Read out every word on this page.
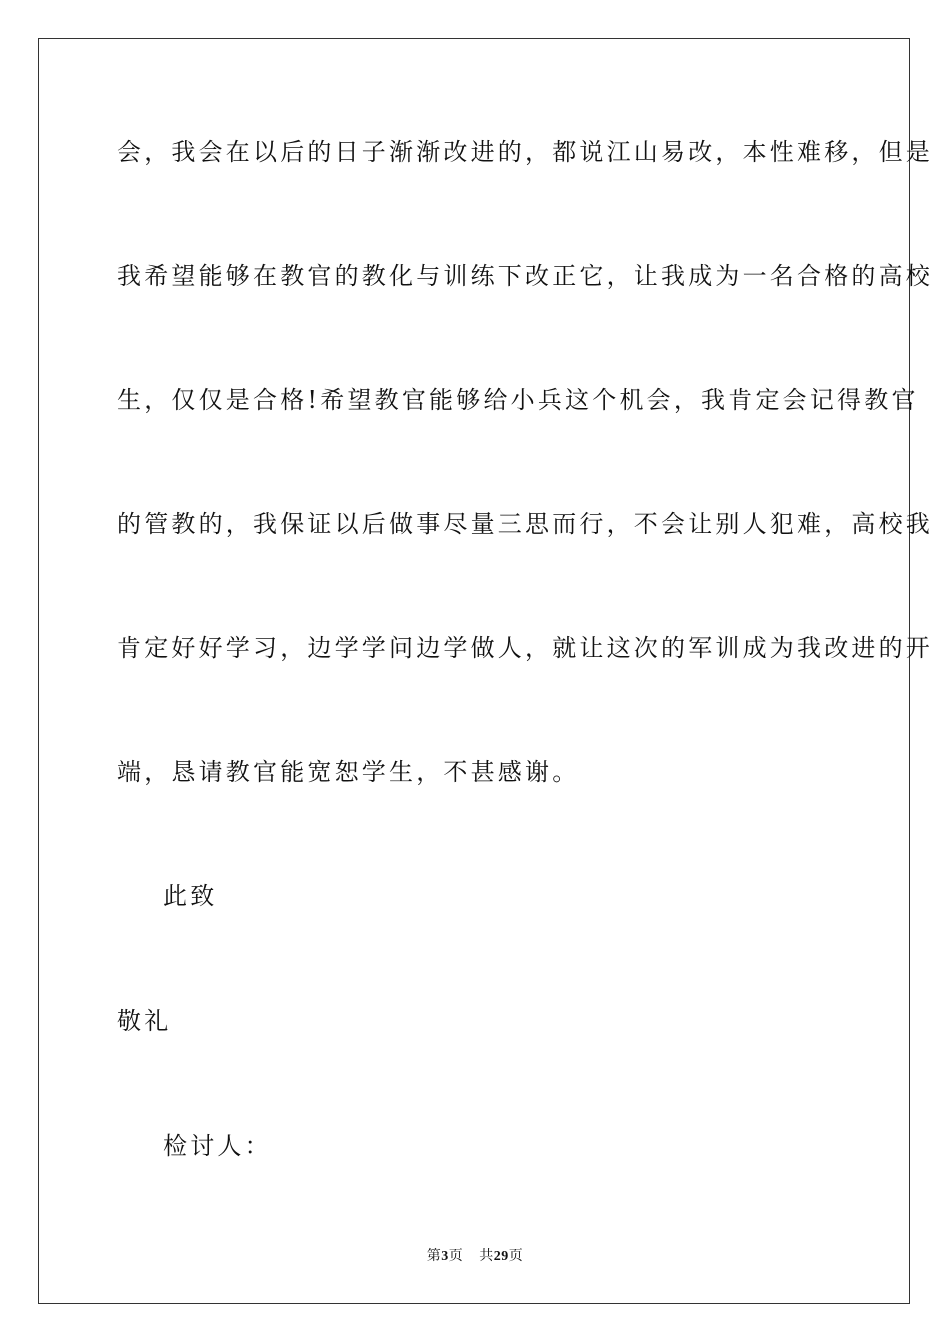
会，我会在以后的日子渐渐改进的，都说江山易改，本性难移，但是
我希望能够在教官的教化与训练下改正它，让我成为一名合格的高校
生，仅仅是合格!希望教官能够给小兵这个机会，我肯定会记得教官
的管教的，我保证以后做事尽量三思而行，不会让别人犯难，高校我
肯定好好学习，边学学问边学做人，就让这次的军训成为我改进的开
端，恳请教官能宽恕学生，不甚感谢。
此致
敬礼
检讨人：
第3页 共29页
